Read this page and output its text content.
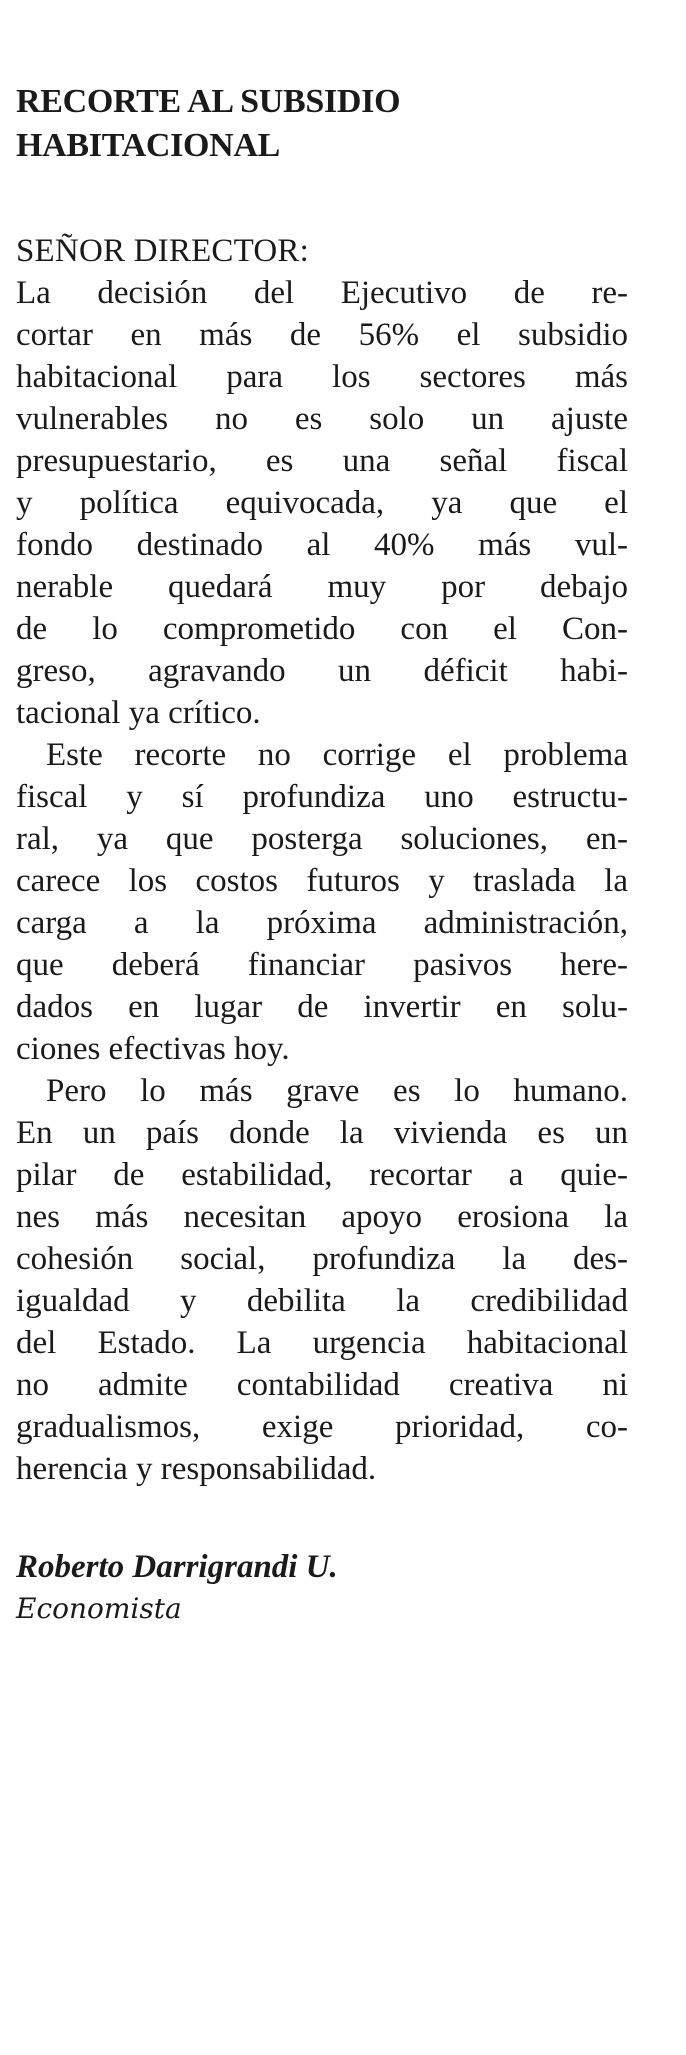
RECORTE AL SUBSIDIO
HABITACIONAL

SEÑOR DIRECTOR:

La decisión del Ejecutivo de re-
cortar en más de 56% el subsidio
habitacional para los sectores más
vulnerables no es solo un ajuste
presupuestario, es una señal fiscal
y política equivocada, ya que el
fondo destinado al 40% más vul-
nerable quedará muy por debajo
de lo comprometido con el Con-
greso, agravando un déficit habi-
tacional ya crítico.
Este recorte no corrige el problema
fiscal y sí profundiza uno estructu-
ral, ya que posterga soluciones, en-
carece los costos futuros y traslada la
carga a la próxima administración,
que deberá financiar pasivos here-
dados en lugar de invertir en solu-
ciones efectivas hoy.
Pero lo más grave es lo humano.
En un país donde la vivienda es un
pilar de estabilidad, recortar a quie-
nes más necesitan apoyo erosiona la
cohesión social, profundiza la des-
igualdad y debilita la credibilidad
del Estado. La urgencia habitacional
no admite contabilidad creativa ni
gradualismos, exige prioridad, co-
herencia y responsabilidad.

Roberto Darrigrandi U.

Economista
